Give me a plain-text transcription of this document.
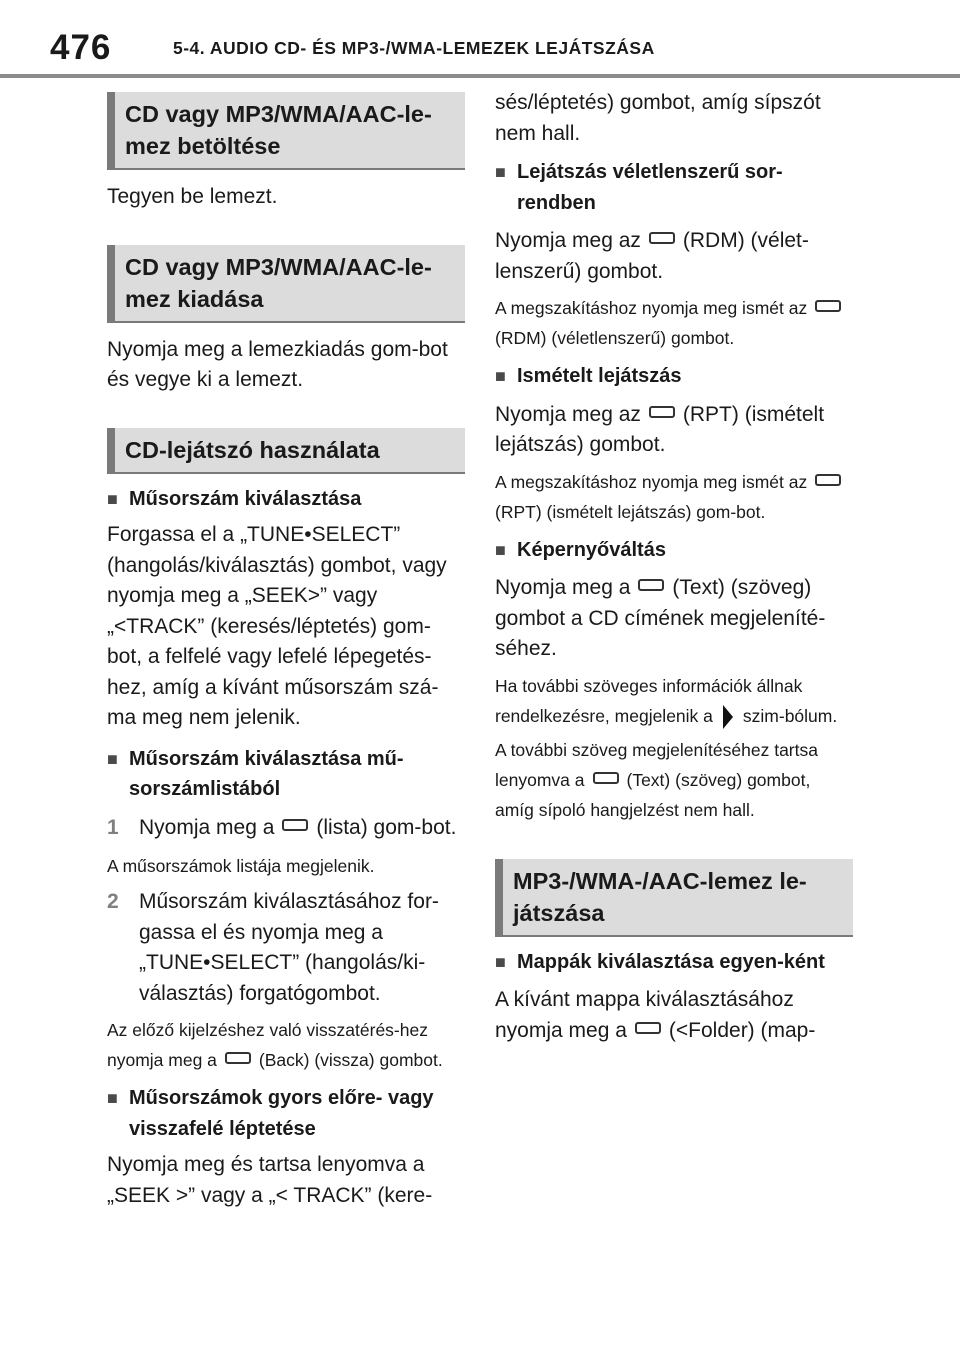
476	5-4. AUDIO CD- ÉS MP3-/WMA-LEMEZEK LEJÁTSZÁSA
CD vagy MP3/WMA/AAC-le-mez betöltése
Tegyen be lemezt.
CD vagy MP3/WMA/AAC-le-mez kiadása
Nyomja meg a lemezkiadás gom-bot és vegye ki a lemezt.
CD-lejátszó használata
■ Műsorszám kiválasztása
Forgassa el a „TUNE•SELECT” (hangolás/kiválasztás) gombot, vagy nyomja meg a „SEEK>” vagy „<TRACK” (keresés/léptetés) gom-bot, a felfelé vagy lefelé lépegetés-hez, amíg a kívánt műsorszám szá-ma meg nem jelenik.
■ Műsorszám kiválasztása mű-sorszámlistából
1 Nyomja meg a (lista) gom-bot.
A műsorszámok listája megjelenik.
2 Műsorszám kiválasztásához for-gassa el és nyomja meg a „TUNE•SELECT” (hangolás/ki-választás) forgatógombot.
Az előző kijelzéshez való visszatérés-hez nyomja meg a (Back) (vissza) gombot.
■ Műsorszámok gyors előre- vagy visszafelé léptetése
Nyomja meg és tartsa lenyomva a „SEEK >” vagy a „< TRACK” (kere-
sés/léptetés) gombot, amíg sípszót nem hall.
■ Lejátszás véletlenszerű sor-rendben
Nyomja meg az (RDM) (vélet-lenszerű) gombot.
A megszakításhoz nyomja meg ismét az(RDM) (véletlenszerű) gombot.
■ Ismételt lejátszás
Nyomja meg az (RPT) (ismételt lejátszás) gombot.
A megszakításhoz nyomja meg ismét az(RPT) (ismételt lejátszás) gom-bot.
■ Képernyőváltás
Nyomja meg a (Text) (szöveg) gombot a CD címének megjeleníté-séhez.
Ha további szöveges információk állnak rendelkezésre, megjelenik a szim-bólum.
A további szöveg megjelenítéséhez tartsa lenyomva a (Text) (szöveg) gombot, amíg sípoló hangjelzést nem hall.
MP3-/WMA-/AAC-lemez le-játszása
■ Mappák kiválasztása egyen-ként
A kívánt mappa kiválasztásához nyomja meg a (<Folder) (map-
